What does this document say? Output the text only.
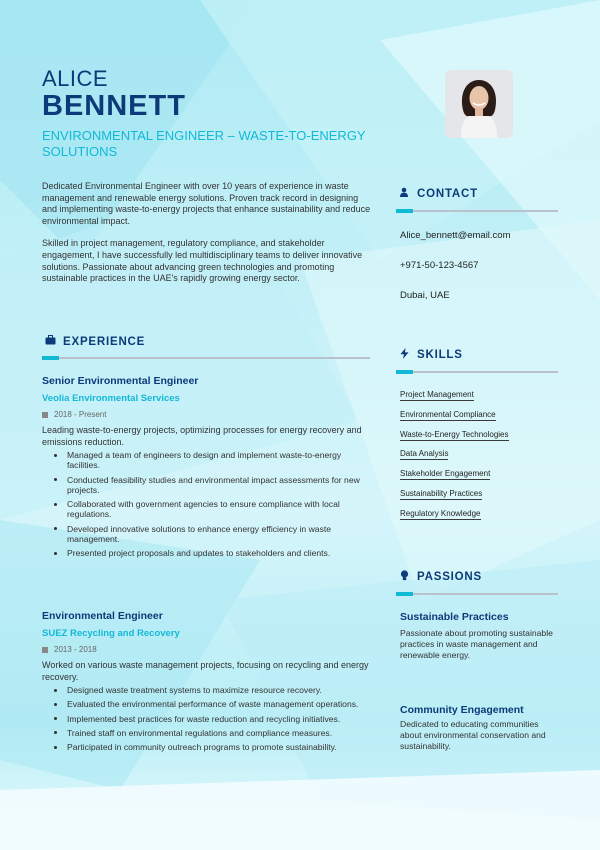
ALICE
BENNETT
ENVIRONMENTAL ENGINEER – WASTE-TO-ENERGY SOLUTIONS

Dedicated Environmental Engineer with over 10 years of experience in waste management and renewable energy solutions. Proven track record in designing and implementing waste-to-energy projects that enhance sustainability and reduce environmental impact.

Skilled in project management, regulatory compliance, and stakeholder engagement, I have successfully led multidisciplinary teams to deliver innovative solutions. Passionate about advancing green technologies and promoting sustainable practices in the UAE's rapidly growing energy sector.

CONTACT
Alice_bennett@email.com
+971-50-123-4567
Dubai, UAE
SKILLS
Project Management
Environmental Compliance
Waste-to-Energy Technologies
Data Analysis
Stakeholder Engagement
Sustainability Practices
Regulatory Knowledge
PASSIONS
Sustainable Practices
Passionate about promoting sustainable practices in waste management and renewable energy.
Community Engagement
Dedicated to educating communities about environmental conservation and sustainability.
EXPERIENCE
Senior Environmental Engineer
Veolia Environmental Services
2018 - Present
Leading waste-to-energy projects, optimizing processes for energy recovery and emissions reduction.
Managed a team of engineers to design and implement waste-to-energy facilities.
Conducted feasibility studies and environmental impact assessments for new projects.
Collaborated with government agencies to ensure compliance with local regulations.
Developed innovative solutions to enhance energy efficiency in waste management.
Presented project proposals and updates to stakeholders and clients.
Environmental Engineer
SUEZ Recycling and Recovery
2013 - 2018
Worked on various waste management projects, focusing on recycling and energy recovery.
Designed waste treatment systems to maximize resource recovery.
Evaluated the environmental performance of waste management operations.
Implemented best practices for waste reduction and recycling initiatives.
Trained staff on environmental regulations and compliance measures.
Participated in community outreach programs to promote sustainability.
